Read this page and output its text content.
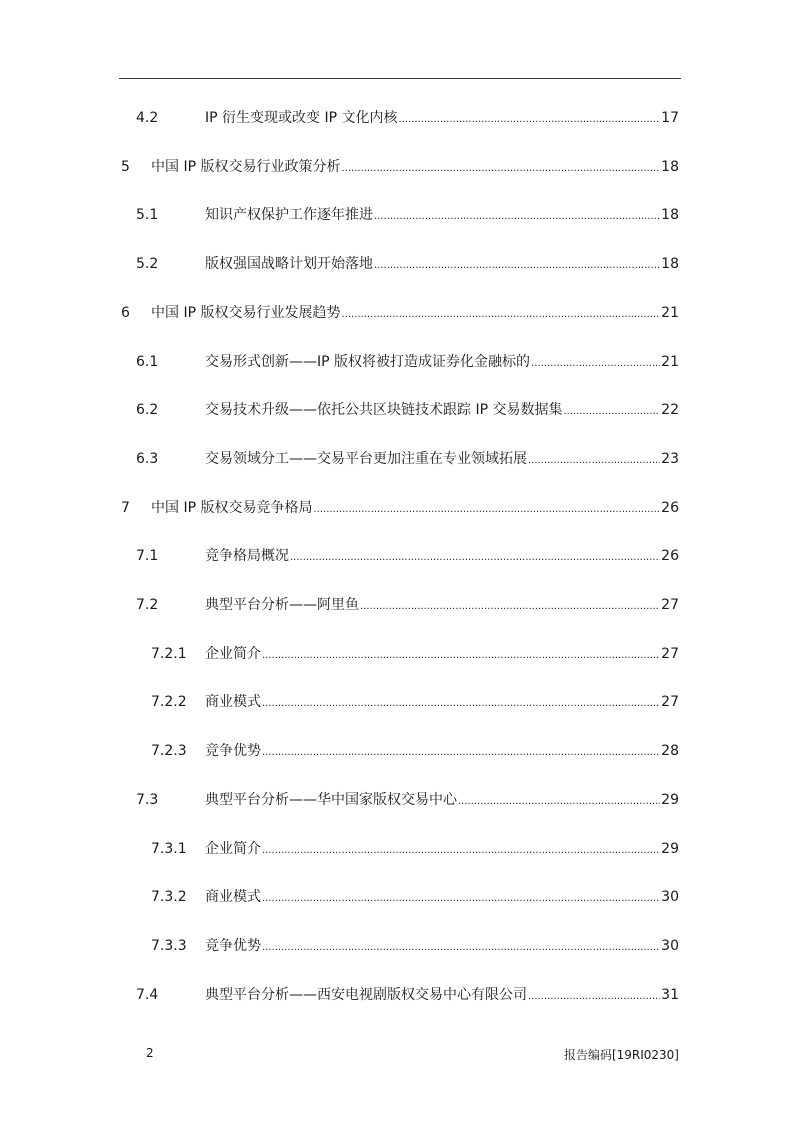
4.2	IP 衍生变现或改变 IP 文化内核 .....	17
5 中国 IP 版权交易行业政策分析 .....	18
5.1	知识产权保护工作逐年推进 .....	18
5.2	版权强国战略计划开始落地 .....	18
6 中国 IP 版权交易行业发展趋势 .....	21
6.1	交易形式创新——IP 版权将被打造成证券化金融标的 .....	21
6.2	交易技术升级——依托公共区块链技术跟踪 IP 交易数据集 .....	22
6.3	交易领域分工——交易平台更加注重在专业领域拓展 .....	23
7 中国 IP 版权交易竞争格局 .....	26
7.1	竞争格局概况 .....	26
7.2	典型平台分析——阿里鱼 .....	27
7.2.1 企业简介 .....	27
7.2.2 商业模式 .....	27
7.2.3 竞争优势 .....	28
7.3	典型平台分析——华中国家版权交易中心 .....	29
7.3.1 企业简介 .....	29
7.3.2 商业模式 .....	30
7.3.3 竞争优势 .....	30
7.4	典型平台分析——西安电视剧版权交易中心有限公司 .....	31
2	报告编码[19RI0230]
